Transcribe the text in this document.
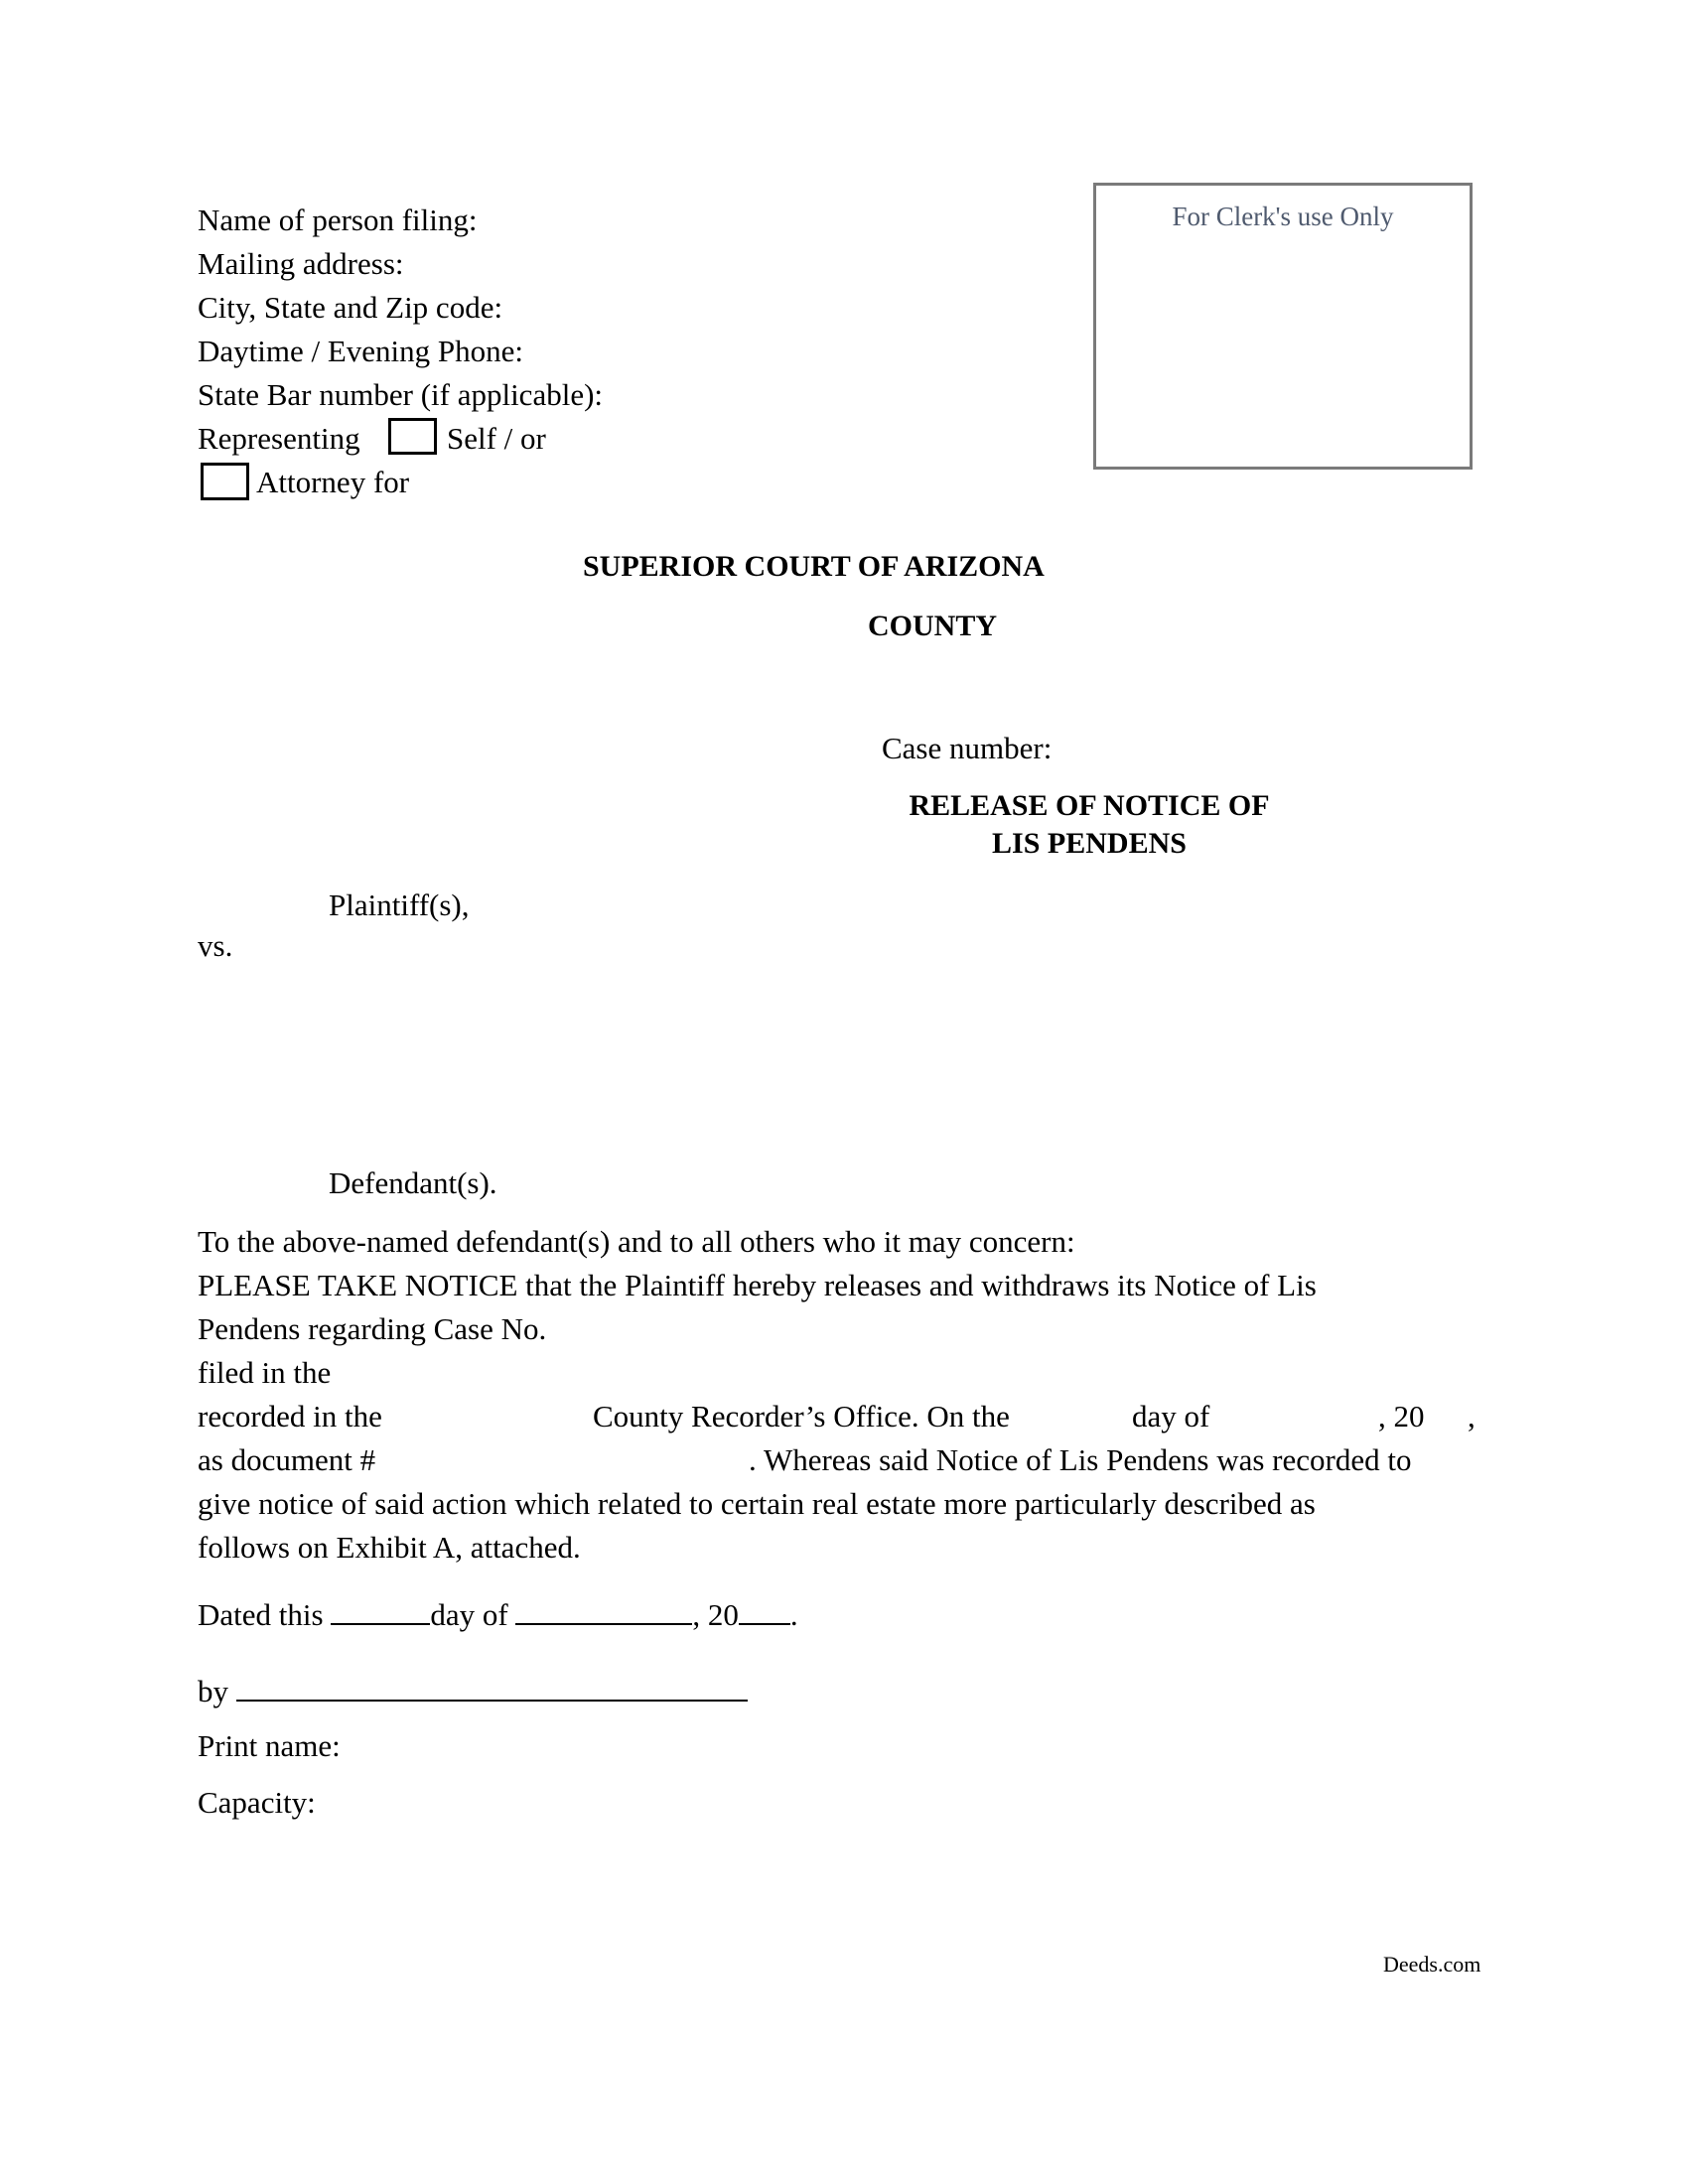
Name of person filing:
Mailing address:
City, State and Zip code:
Daytime / Evening Phone:
State Bar number (if applicable):
Representing	Self / or
Attorney for
For Clerk's use Only
SUPERIOR COURT OF ARIZONA
COUNTY
Case number:
RELEASE OF NOTICE OF
LIS PENDENS
Plaintiff(s),
vs.
Defendant(s).
To the above-named defendant(s) and to all others who it may concern:
PLEASE TAKE NOTICE that the Plaintiff hereby releases and withdraws its Notice of Lis
Pendens regarding Case No.
filed in the
recorded in the	County Recorder’s Office. On the	day of	, 20 ,
as document #	. Whereas said Notice of Lis Pendens was recorded to
give notice of said action which related to certain real estate more particularly described as
follows on Exhibit A, attached.
Dated this	day of	, 20 .
by
Print name:
Capacity:
Deeds.com
